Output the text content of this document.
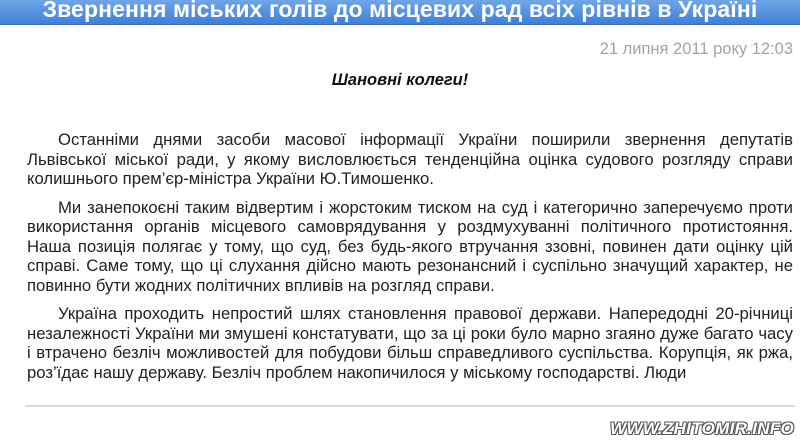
Звернення міських голів до місцевих рад всіх рівнів в Україні
21 липня 2011 року 12:03
Шановні колеги!

Останніми днями засоби масової інформації України поширили звернення депутатів Львівської міської ради, у якому висловлюється тенденційна оцінка судового розгляду справи колишнього прем’єр-міністра України Ю.Тимошенко.

Ми занепокоєні таким відвертим і жорстоким тиском на суд і категорично заперечуємо проти використання органів місцевого самоврядування у роздмухуванні політичного протистояння. Наша позиція полягає у тому, що суд, без будь-якого втручання ззовні, повинен дати оцінку цій справі. Саме тому, що ці слухання дійсно мають резонансний і суспільно значущий характер, не повинно бути жодних політичних впливів на розгляд справи.

Україна проходить непростий шлях становлення правової держави. Напередодні 20-річниці незалежності України ми змушені констатувати, що за ці роки було марно згаяно дуже багато часу і втрачено безліч можливостей для побудови більш справедливого суспільства. Корупція, як ржа, роз’їдає нашу державу. Безліч проблем накопичилося у міському господарстві. Люди

WWW.ZHITOMIR.INFO
